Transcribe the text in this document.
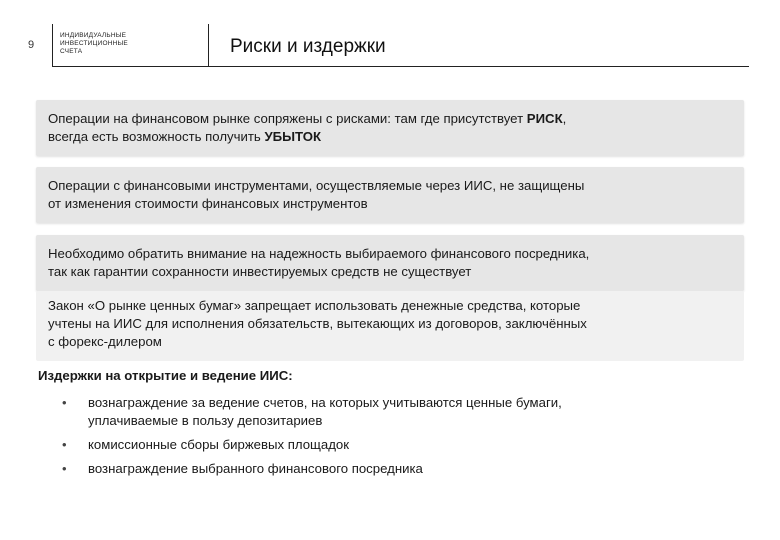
9
ИНДИВИДУАЛЬНЫЕ
ИНВЕСТИЦИОННЫЕ
СЧЕТА	Риски и издержки
Операции на финансовом рынке сопряжены с рисками: там где присутствует РИСК,
всегда есть возможность получить УБЫТОК
Операции с финансовыми инструментами, осуществляемые через ИИС, не защищены
от изменения стоимости финансовых инструментов
Необходимо обратить внимание на надежность выбираемого финансового посредника,
так как гарантии сохранности инвестируемых средств не существует
Закон «О рынке ценных бумаг» запрещает использовать денежные средства, которые
учтены на ИИС для исполнения обязательств, вытекающих из договоров, заключённых
с форекс-дилером
Издержки на открытие и ведение ИИС:
• вознаграждение за ведение счетов, на которых учитываются ценные бумаги,
уплачиваемые в пользу депозитариев
• комиссионные сборы биржевых площадок
• вознаграждение выбранного финансового посредника
